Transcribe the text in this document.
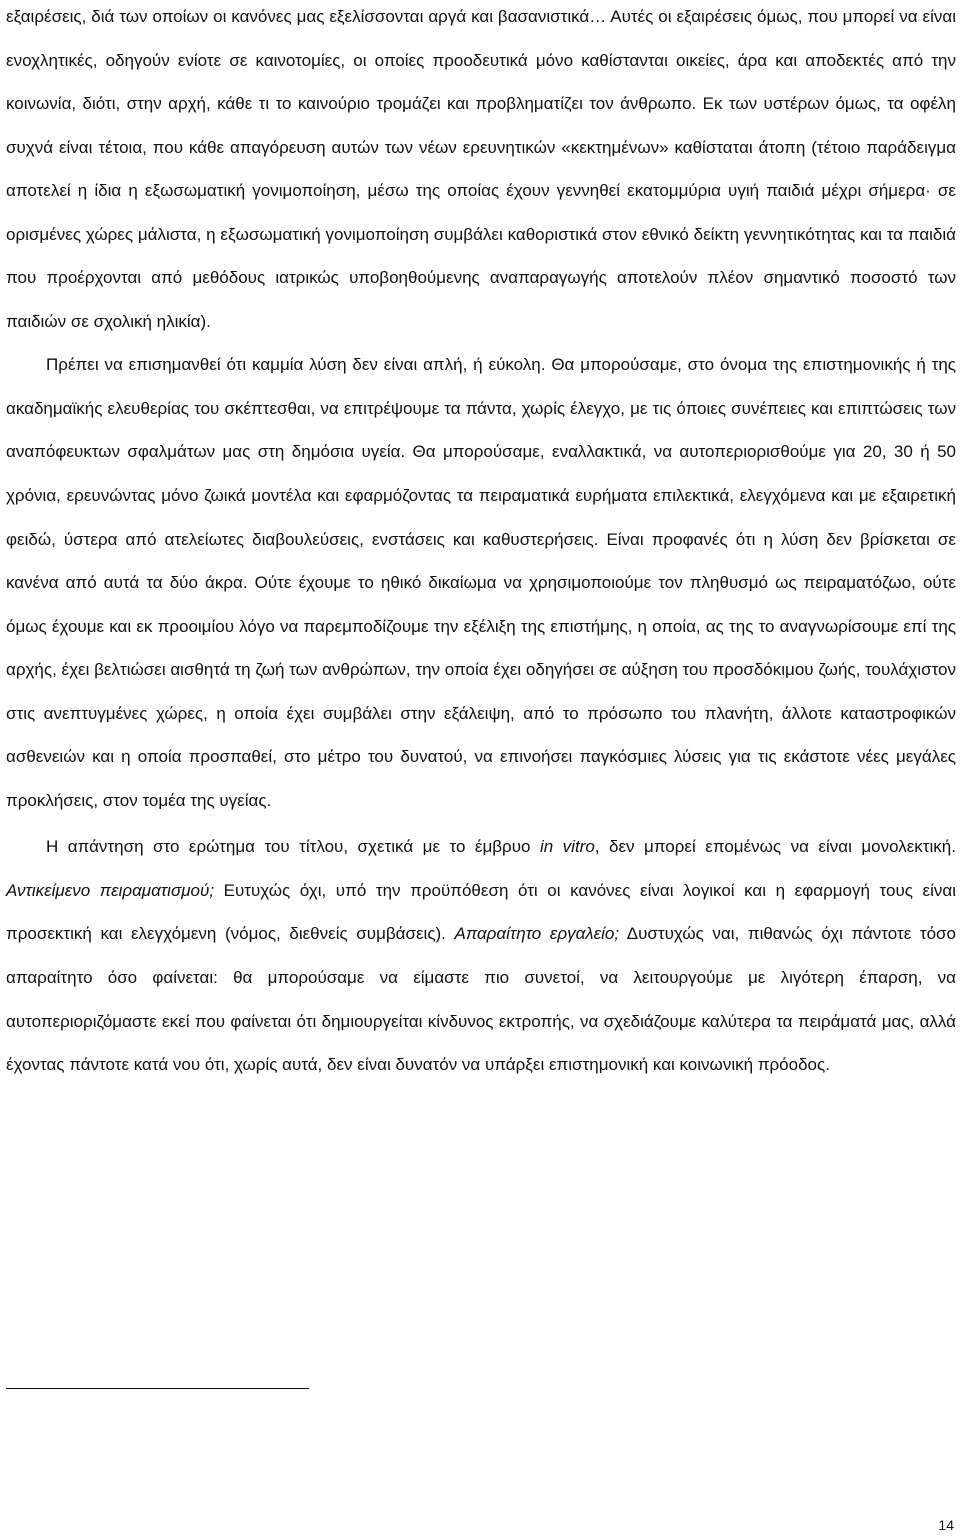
εξαιρέσεις, διά των οποίων οι κανόνες μας εξελίσσονται αργά και βασανιστικά… Αυτές οι εξαιρέσεις όμως, που μπορεί να είναι ενοχλητικές, οδηγούν ενίοτε σε καινοτομίες, οι οποίες προοδευτικά μόνο καθίστανται οικείες, άρα και αποδεκτές από την κοινωνία, διότι, στην αρχή, κάθε τι το καινούριο τρομάζει και προβληματίζει τον άνθρωπο. Εκ των υστέρων όμως, τα οφέλη συχνά είναι τέτοια, που κάθε απαγόρευση αυτών των νέων ερευνητικών «κεκτημένων» καθίσταται άτοπη (τέτοιο παράδειγμα αποτελεί η ίδια η εξωσωματική γονιμοποίηση, μέσω της οποίας έχουν γεννηθεί εκατομμύρια υγιή παιδιά μέχρι σήμερα· σε ορισμένες χώρες μάλιστα, η εξωσωματική γονιμοποίηση συμβάλει καθοριστικά στον εθνικό δείκτη γεννητικότητας και τα παιδιά που προέρχονται από μεθόδους ιατρικώς υποβοηθούμενης αναπαραγωγής αποτελούν πλέον σημαντικό ποσοστό των παιδιών σε σχολική ηλικία).

Πρέπει να επισημανθεί ότι καμμία λύση δεν είναι απλή, ή εύκολη. Θα μπορούσαμε, στο όνομα της επιστημονικής ή της ακαδημαϊκής ελευθερίας του σκέπτεσθαι, να επιτρέψουμε τα πάντα, χωρίς έλεγχο, με τις όποιες συνέπειες και επιπτώσεις των αναπόφευκτων σφαλμάτων μας στη δημόσια υγεία. Θα μπορούσαμε, εναλλακτικά, να αυτοπεριορισθούμε για 20, 30 ή 50 χρόνια, ερευνώντας μόνο ζωικά μοντέλα και εφαρμόζοντας τα πειραματικά ευρήματα επιλεκτικά, ελεγχόμενα και με εξαιρετική φειδώ, ύστερα από ατελείωτες διαβουλεύσεις, ενστάσεις και καθυστερήσεις. Είναι προφανές ότι η λύση δεν βρίσκεται σε κανένα από αυτά τα δύο άκρα. Ούτε έχουμε το ηθικό δικαίωμα να χρησιμοποιούμε τον πληθυσμό ως πειραματόζωο, ούτε όμως έχουμε και εκ προοιμίου λόγο να παρεμποδίζουμε την εξέλιξη της επιστήμης, η οποία, ας της το αναγνωρίσουμε επί της αρχής, έχει βελτιώσει αισθητά τη ζωή των ανθρώπων, την οποία έχει οδηγήσει σε αύξηση του προσδόκιμου ζωής, τουλάχιστον στις ανεπτυγμένες χώρες, η οποία έχει συμβάλει στην εξάλειψη, από το πρόσωπο του πλανήτη, άλλοτε καταστροφικών ασθενειών και η οποία προσπαθεί, στο μέτρο του δυνατού, να επινοήσει παγκόσμιες λύσεις για τις εκάστοτε νέες μεγάλες προκλήσεις, στον τομέα της υγείας.

Η απάντηση στο ερώτημα του τίτλου, σχετικά με το έμβρυο in vitro, δεν μπορεί επομένως να είναι μονολεκτική. Αντικείμενο πειραματισμού; Ευτυχώς όχι, υπό την προϋπόθεση ότι οι κανόνες είναι λογικοί και η εφαρμογή τους είναι προσεκτική και ελεγχόμενη (νόμος, διεθνείς συμβάσεις). Απαραίτητο εργαλείο; Δυστυχώς ναι, πιθανώς όχι πάντοτε τόσο απαραίτητο όσο φαίνεται: θα μπορούσαμε να είμαστε πιο συνετοί, να λειτουργούμε με λιγότερη έπαρση, να αυτοπεριοριζόμαστε εκεί που φαίνεται ότι δημιουργείται κίνδυνος εκτροπής, να σχεδιάζουμε καλύτερα τα πειράματά μας, αλλά έχοντας πάντοτε κατά νου ότι, χωρίς αυτά, δεν είναι δυνατόν να υπάρξει επιστημονική και κοινωνική πρόοδος.

14
